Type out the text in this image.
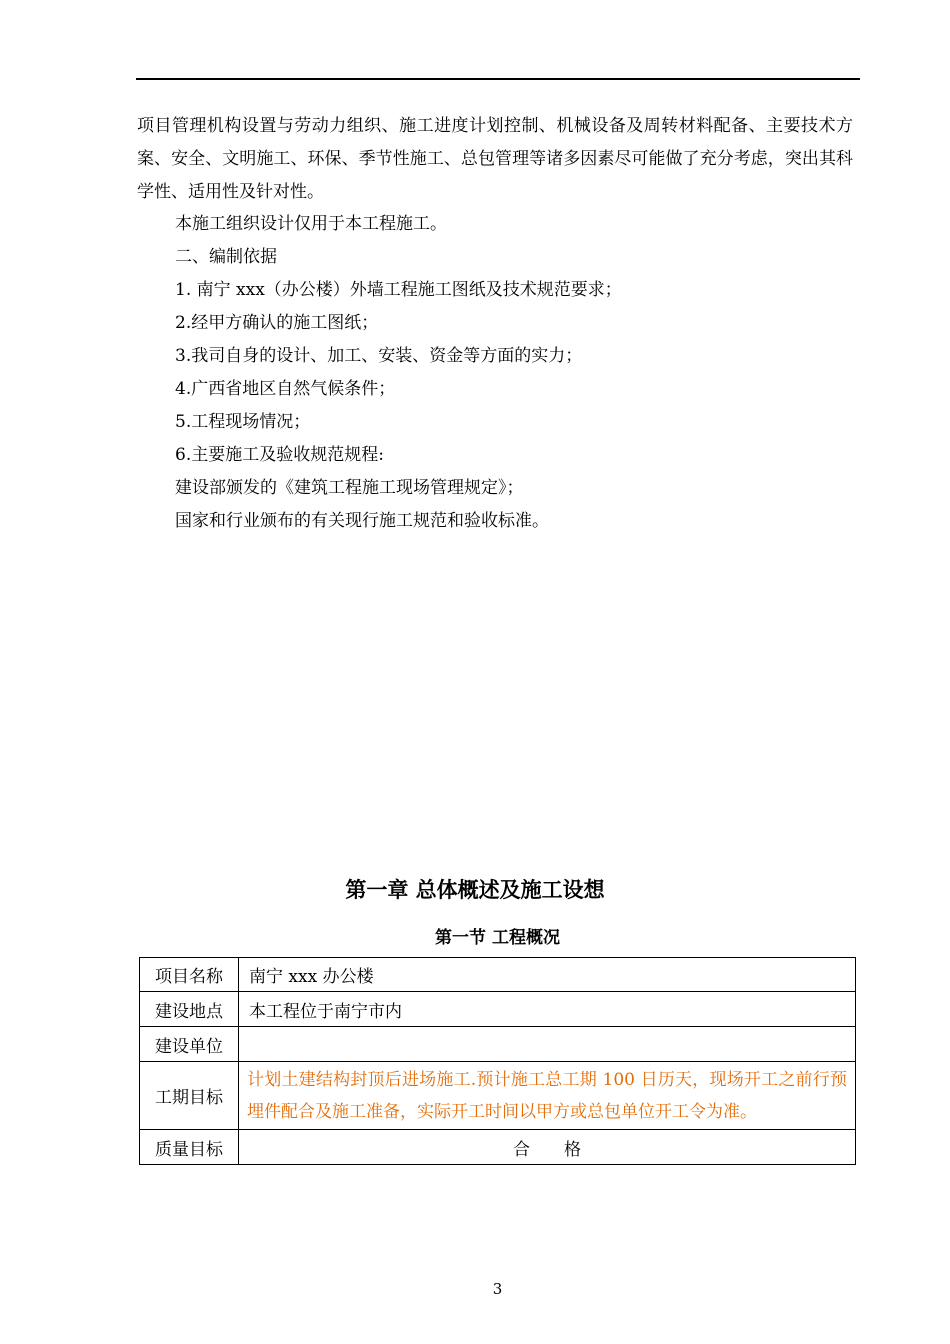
项目管理机构设置与劳动力组织、施工进度计划控制、机械设备及周转材料配备、主要技术方案、安全、文明施工、环保、季节性施工、总包管理等诸多因素尽可能做了充分考虑，突出其科学性、适用性及针对性。

本施工组织设计仅用于本工程施工。

二、编制依据

1. 南宁 xxx（办公楼）外墙工程施工图纸及技术规范要求；

2.经甲方确认的施工图纸；

3.我司自身的设计、加工、安装、资金等方面的实力；

4.广西省地区自然气候条件；

5.工程现场情况；

6.主要施工及验收规范规程:

建设部颁发的《建筑工程施工现场管理规定》；

国家和行业颁布的有关现行施工规范和验收标准。

第一章 总体概述及施工设想
第一节 工程概况
项目名称	南宁 xxx 办公楼
建设地点	本工程位于南宁市内
建设单位	
工期目标	计划土建结构封顶后进场施工.预计施工总工期 100 日历天，现场开工之前行预埋件配合及施工准备，实际开工时间以甲方或总包单位开工令为准。
质量目标	合　　格
3
